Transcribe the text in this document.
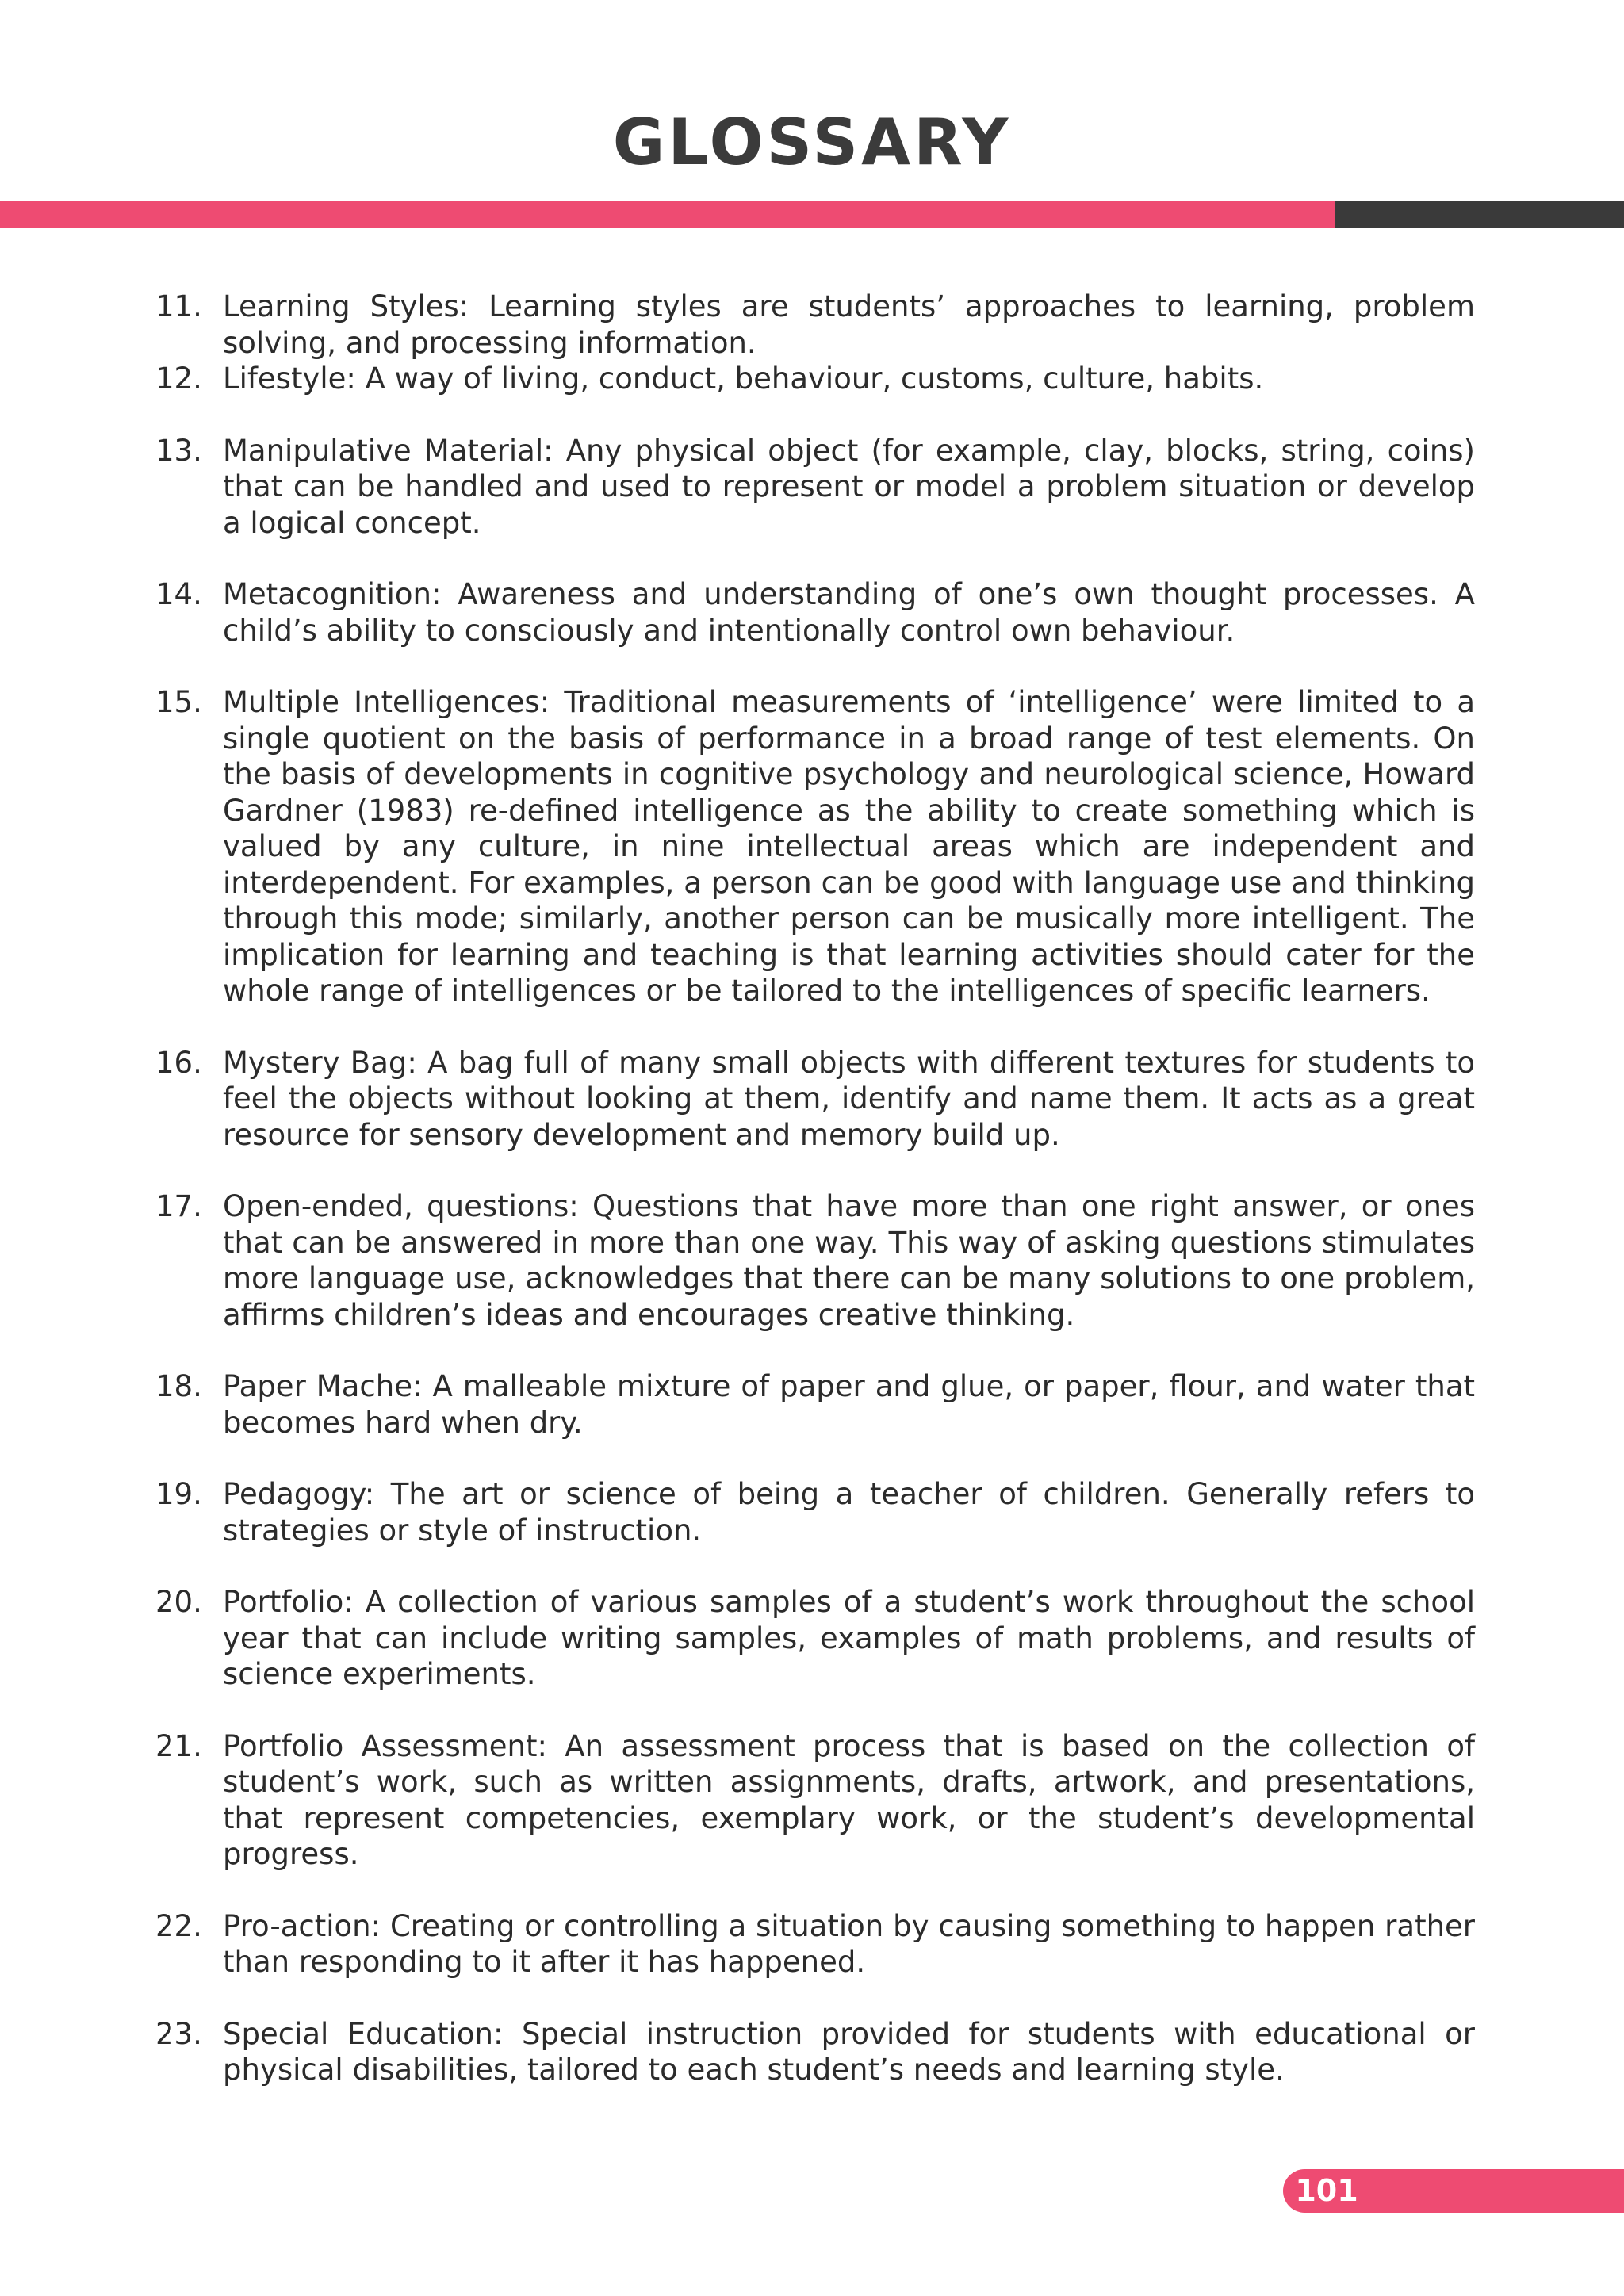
GLOSSARY
11. Learning Styles: Learning styles are students’ approaches to learning, problem solving, and processing information.
12. Lifestyle: A way of living, conduct, behaviour, customs, culture, habits.
13. Manipulative Material: Any physical object (for example, clay, blocks, string, coins) that can be handled and used to represent or model a problem situation or develop a logical concept.
14. Metacognition: Awareness and understanding of one’s own thought processes. A child’s ability to consciously and intentionally control own behaviour.
15. Multiple Intelligences: Traditional measurements of ‘intelligence’ were limited to a single quotient on the basis of performance in a broad range of test elements. On the basis of developments in cognitive psychology and neurological science, Howard Gardner (1983) re-defined intelligence as the ability to create something which is valued by any culture, in nine intellectual areas which are independent and interdependent. For examples, a person can be good with language use and thinking through this mode; similarly, another person can be musically more intelligent. The implication for learning and teaching is that learning activities should cater for the whole range of intelligences or be tailored to the intelligences of specific learners.
16. Mystery Bag: A bag full of many small objects with different textures for students to feel the objects without looking at them, identify and name them. It acts as a great resource for sensory development and memory build up.
17. Open-ended, questions: Questions that have more than one right answer, or ones that can be answered in more than one way. This way of asking questions stimulates more language use, acknowledges that there can be many solutions to one problem, affirms children’s ideas and encourages creative thinking.
18. Paper Mache: A malleable mixture of paper and glue, or paper, flour, and water that becomes hard when dry.
19. Pedagogy: The art or science of being a teacher of children. Generally refers to strategies or style of instruction.
20. Portfolio: A collection of various samples of a student’s work throughout the school year that can include writing samples, examples of math problems, and results of science experiments.
21. Portfolio Assessment: An assessment process that is based on the collection of student’s work, such as written assignments, drafts, artwork, and presentations, that represent competencies, exemplary work, or the student’s developmental progress.
22. Pro-action: Creating or controlling a situation by causing something to happen rather than responding to it after it has happened.
23. Special Education: Special instruction provided for students with educational or physical disabilities, tailored to each student’s needs and learning style.
101
